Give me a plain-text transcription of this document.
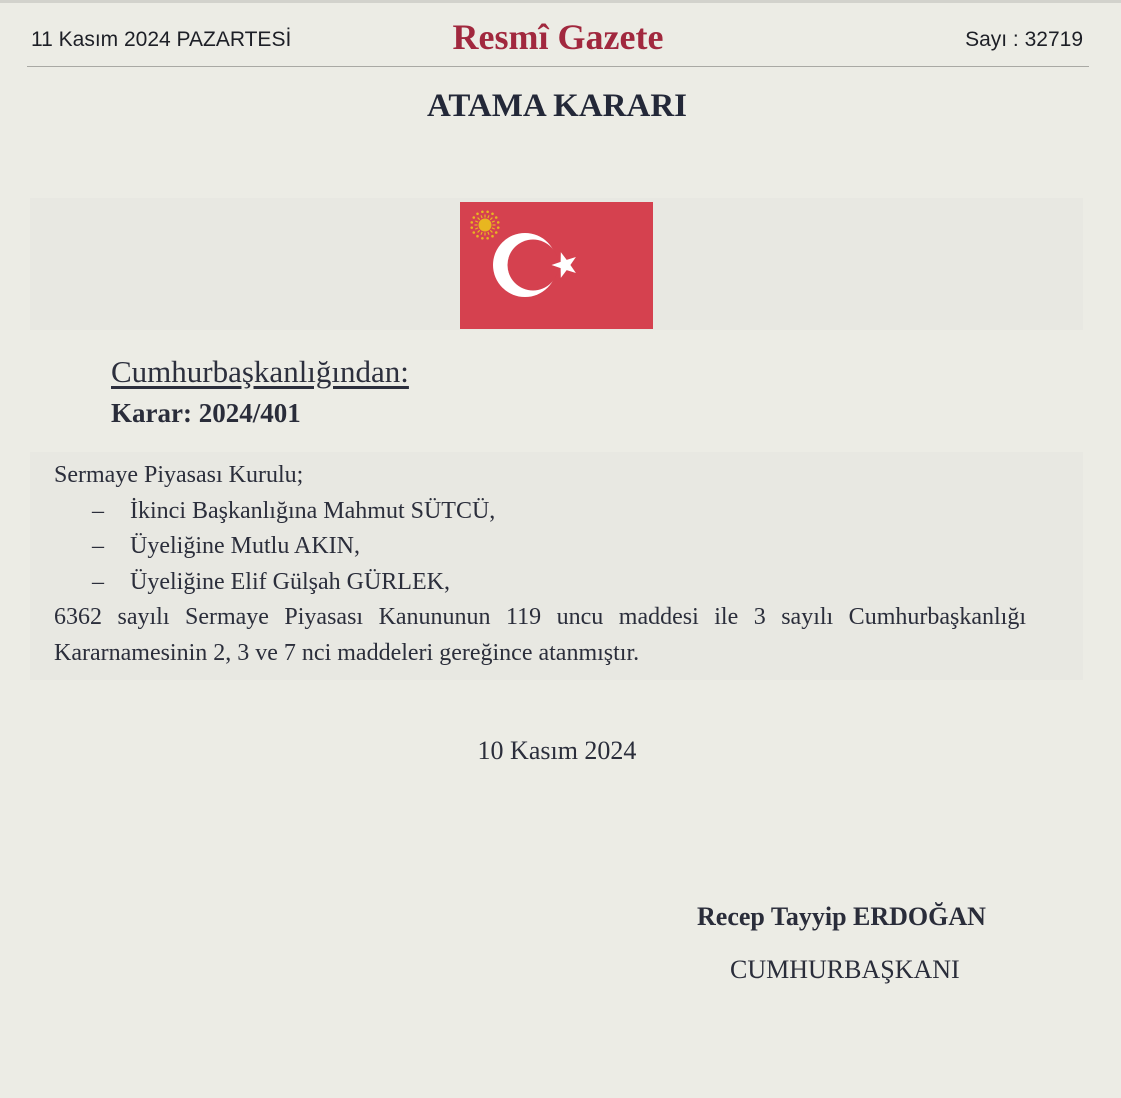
11 Kasım 2024 PAZARTESİ	Resmî Gazete	Sayı : 32719
ATAMA KARARI
Cumhurbaşkanlığından:
Karar: 2024/401
Sermaye Piyasası Kurulu;
–	İkinci Başkanlığına Mahmut SÜTCÜ,
–	Üyeliğine Mutlu AKIN,
–	Üyeliğine Elif Gülşah GÜRLEK,
6362 sayılı Sermaye Piyasası Kanununun 119 uncu maddesi ile 3 sayılı Cumhurbaşkanlığı
Kararnamesinin 2, 3 ve 7 nci maddeleri gereğince atanmıştır.
10 Kasım 2024
Recep Tayyip ERDOĞAN
CUMHURBAŞKANI
